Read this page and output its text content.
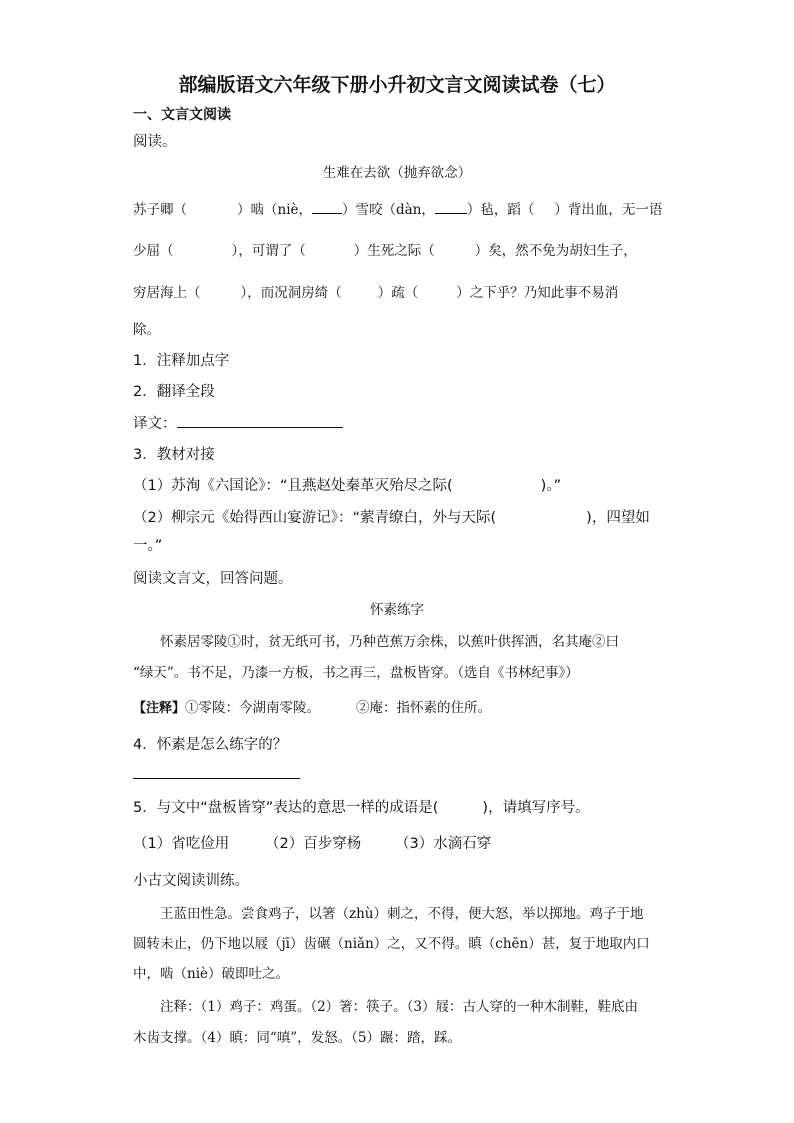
部编版语文六年级下册小升初文言文阅读试卷（七）
一、文言文阅读
阅读。
生难在去欲（抛弃欲念）
苏子卿（	）啮（niè， ）雪咬（dàn， ）毡，蹈（ ）背出血，无一语
少屈（	），可谓了（	）生死之际（	）矣，然不免为胡妇生子，
穷居海上（	），而况洞房绮（	）疏（	）之下乎？乃知此事不易消
除。
1．注释加点字
2．翻译全段
译文：
3．教材对接
（1）苏洵《六国论》：“且燕赵处秦革灭殆尽之际(	)。”
（2）柳宗元《始得西山宴游记》：“萦青缭白，外与天际(	)，四望如
一。”
阅读文言文，回答问题。
怀素练字
怀素居零陵①时，贫无纸可书，乃种芭蕉万余株，以蕉叶供挥洒，名其庵②曰
“绿天”。书不足，乃漆一方板，书之再三，盘板皆穿。（选自《书林纪事》）
【注释】①零陵：今湖南零陵。	②庵：指怀素的住所。
4．怀素是怎么练字的？
5．与文中“盘板皆穿”表达的意思一样的成语是(	)，请填写序号。
（1）省吃俭用 （2）百步穿杨 （3）水滴石穿
小古文阅读训练。
王蓝田性急。尝食鸡子，以箸（zhù）刺之，不得，便大怒，举以掷地。鸡子于地
圆转未止，仍下地以屐（jī）齿碾（niǎn）之，又不得。瞋（chēn）甚，复于地取内口
中，啮（niè）破即吐之。
注释：（1）鸡子：鸡蛋。（2）箸：筷子。（3）屐：古人穿的一种木制鞋，鞋底由
木齿支撑。（4）瞋：同“嗔”，发怒。（5）蹍：踏，踩。
